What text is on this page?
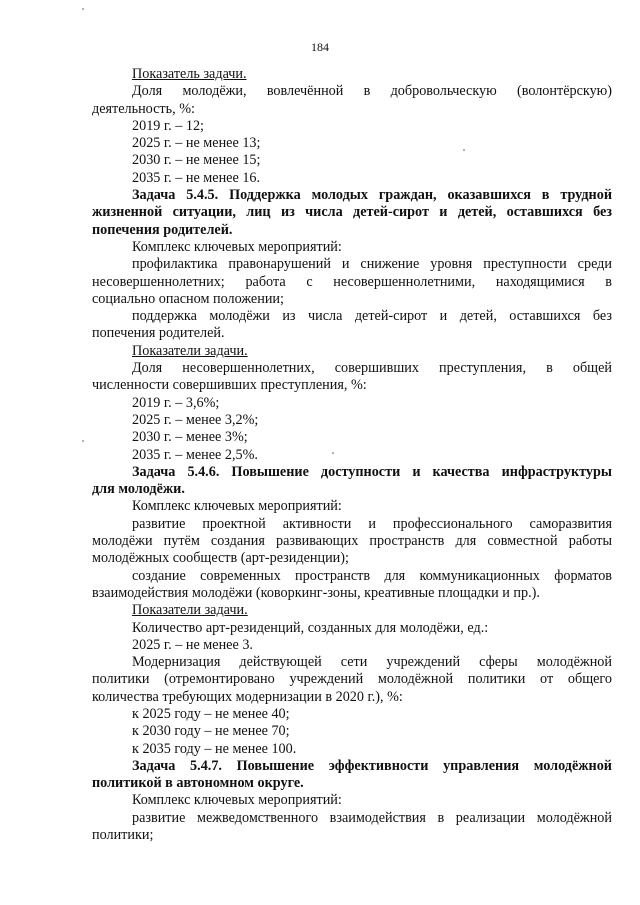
184
Показатель задачи.
Доля молодёжи, вовлечённой в добровольческую (волонтёрскую)
деятельность, %:
2019 г. – 12;
2025 г. – не менее 13;
2030 г. – не менее 15;
2035 г. – не менее 16.
Задача 5.4.5. Поддержка молодых граждан, оказавшихся в трудной
жизненной ситуации, лиц из числа детей-сирот и детей, оставшихся без
попечения родителей.
Комплекс ключевых мероприятий:
профилактика правонарушений и снижение уровня преступности среди
несовершеннолетних; работа с несовершеннолетними, находящимися в
социально опасном положении;
поддержка молодёжи из числа детей-сирот и детей, оставшихся без
попечения родителей.
Показатели задачи.
Доля несовершеннолетних, совершивших преступления, в общей
численности совершивших преступления, %:
2019 г. – 3,6%;
2025 г. – менее 3,2%;
2030 г. – менее 3%;
2035 г. – менее 2,5%.
Задача 5.4.6. Повышение доступности и качества инфраструктуры
для молодёжи.
Комплекс ключевых мероприятий:
развитие проектной активности и профессионального саморазвития
молодёжи путём создания развивающих пространств для совместной работы
молодёжных сообществ (арт-резиденции);
создание современных пространств для коммуникационных форматов
взаимодействия молодёжи (коворкинг-зоны, креативные площадки и пр.).
Показатели задачи.
Количество арт-резиденций, созданных для молодёжи, ед.:
2025 г. – не менее 3.
Модернизация действующей сети учреждений сферы молодёжной
политики (отремонтировано учреждений молодёжной политики от общего
количества требующих модернизации в 2020 г.), %:
к 2025 году – не менее 40;
к 2030 году – не менее 70;
к 2035 году – не менее 100.
Задача 5.4.7. Повышение эффективности управления молодёжной
политикой в автономном округе.
Комплекс ключевых мероприятий:
развитие межведомственного взаимодействия в реализации молодёжной
политики;
